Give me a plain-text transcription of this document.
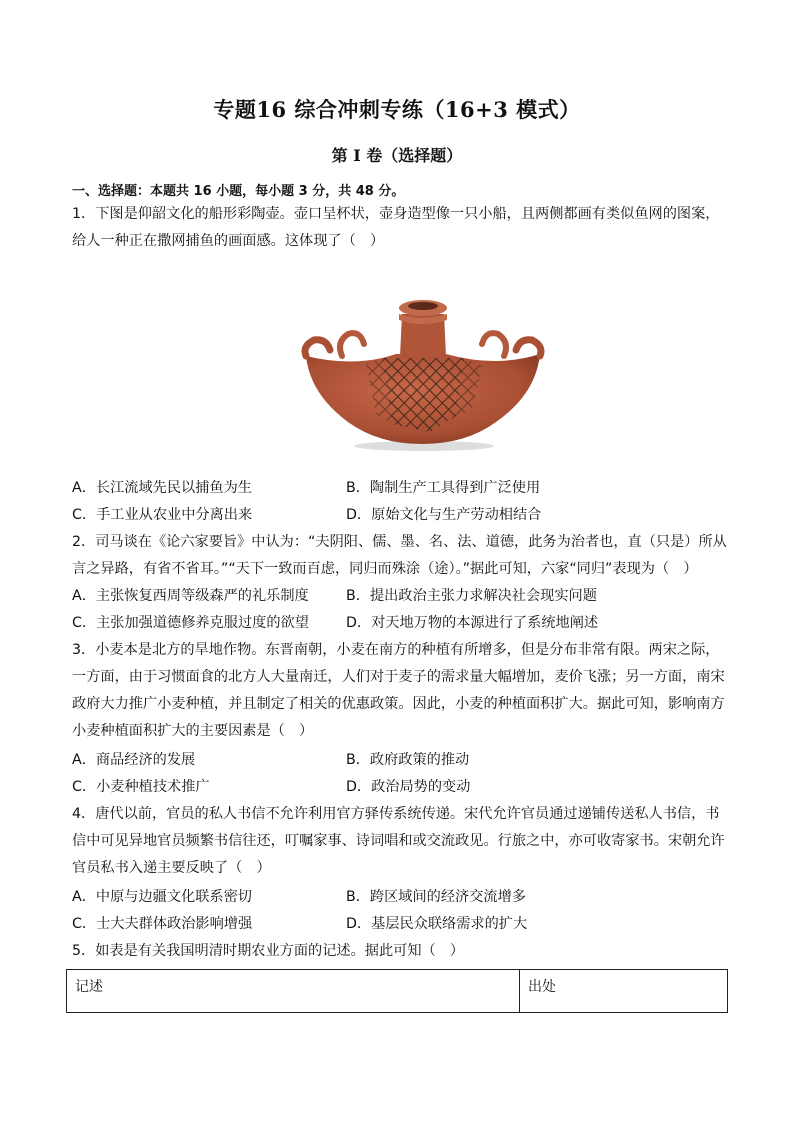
专题16 综合冲刺专练（16+3 模式）
第 I 卷（选择题）
一、选择题：本题共 16 小题，每小题 3 分，共 48 分。
1．下图是仰韶文化的船形彩陶壶。壶口呈杯状，壶身造型像一只小船，且两侧都画有类似鱼网的图案，
给人一种正在撒网捕鱼的画面感。这体现了（　）
A．长江流域先民以捕鱼为生	B．陶制生产工具得到广泛使用
C．手工业从农业中分离出来	D．原始文化与生产劳动相结合
2．司马谈在《论六家要旨》中认为：“夫阴阳、儒、墨、名、法、道德，此务为治者也，直（只是）所从
言之异路，有省不省耳。”“天下一致而百虑，同归而殊涂（途）。”据此可知，六家“同归”表现为（　）
A．主张恢复西周等级森严的礼乐制度	B．提出政治主张力求解决社会现实问题
C．主张加强道德修养克服过度的欲望	D．对天地万物的本源进行了系统地阐述
3．小麦本是北方的旱地作物。东晋南朝，小麦在南方的种植有所增多，但是分布非常有限。两宋之际，
一方面，由于习惯面食的北方人大量南迁，人们对于麦子的需求量大幅增加，麦价飞涨；另一方面，南宋
政府大力推广小麦种植，并且制定了相关的优惠政策。因此，小麦的种植面积扩大。据此可知，影响南方
小麦种植面积扩大的主要因素是（　）
A．商品经济的发展	B．政府政策的推动
C．小麦种植技术推广	D．政治局势的变动
4．唐代以前，官员的私人书信不允许利用官方驿传系统传递。宋代允许官员通过递铺传送私人书信，书
信中可见异地官员频繁书信往还，叮嘱家事、诗词唱和或交流政见。行旅之中，亦可收寄家书。宋朝允许
官员私书入递主要反映了（　）
A．中原与边疆文化联系密切	B．跨区域间的经济交流增多
C．士大夫群体政治影响增强	D．基层民众联络需求的扩大
5．如表是有关我国明清时期农业方面的记述。据此可知（　）
记述	出处
